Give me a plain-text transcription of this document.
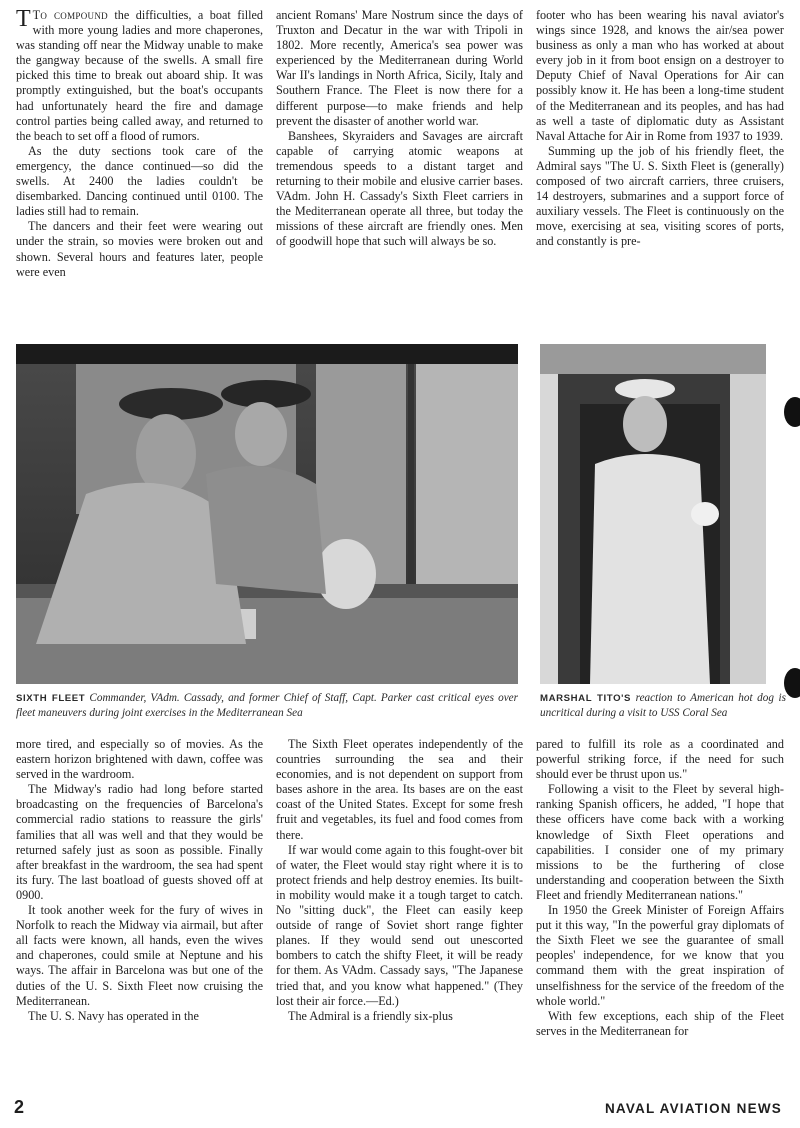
T To compound the difficulties, a boat filled with more young ladies and more chaperones, was standing off near the Midway unable to make the gangway because of the swells. A small fire picked this time to break out aboard ship. It was promptly extinguished, but the boat's occupants had unfortunately heard the fire and damage control parties being called away, and returned to the beach to set off a flood of rumors.

As the duty sections took care of the emergency, the dance continued—so did the swells. At 2400 the ladies couldn't be disembarked. Dancing continued until 0100. The ladies still had to remain.

The dancers and their feet were wearing out under the strain, so movies were broken out and shown. Several hours and features later, people were even

ancient Romans' Mare Nostrum since the days of Truxton and Decatur in the war with Tripoli in 1802. More recently, America's sea power was experienced by the Mediterranean during World War II's landings in North Africa, Sicily, Italy and Southern France. The Fleet is now there for a different purpose—to make friends and help prevent the disaster of another world war.

Banshees, Skyraiders and Savages are aircraft capable of carrying atomic weapons at tremendous speeds to a distant target and returning to their mobile and elusive carrier bases. VAdm. John H. Cassady's Sixth Fleet carriers in the Mediterranean operate all three, but today the missions of these aircraft are friendly ones. Men of goodwill hope that such will always be so.

footer who has been wearing his naval aviator's wings since 1928, and knows the air/sea power business as only a man who has worked at about every job in it from boot ensign on a destroyer to Deputy Chief of Naval Operations for Air can possibly know it. He has been a long-time student of the Mediterranean and its peoples, and has had as well a taste of diplomatic duty as Assistant Naval Attache for Air in Rome from 1937 to 1939.

Summing up the job of his friendly fleet, the Admiral says "The U. S. Sixth Fleet is (generally) composed of two aircraft carriers, three cruisers, 14 destroyers, submarines and a support force of auxiliary vessels. The Fleet is continuously on the move, exercising at sea, visiting scores of ports, and constantly is pre-

SIXTH FLEET Commander, VAdm. Cassady, and former Chief of Staff, Capt. Parker cast critical eyes over fleet maneuvers during joint exercises in the Mediterranean Sea
MARSHAL TITO'S reaction to American hot dog is uncritical during a visit to USS Coral Sea

more tired, and especially so of movies. As the eastern horizon brightened with dawn, coffee was served in the wardroom.

The Midway's radio had long before started broadcasting on the frequencies of Barcelona's commercial radio stations to reassure the girls' families that all was well and that they would be returned safely just as soon as possible. Finally after breakfast in the wardroom, the sea had spent its fury. The last boatload of guests shoved off at 0900.

It took another week for the fury of wives in Norfolk to reach the Midway via airmail, but after all facts were known, all hands, even the wives and chaperones, could smile at Neptune and his ways. The affair in Barcelona was but one of the duties of the U. S. Sixth Fleet now cruising the Mediterranean.

The U. S. Navy has operated in the

The Sixth Fleet operates independently of the countries surrounding the sea and their economies, and is not dependent on support from bases ashore in the area. Its bases are on the east coast of the United States. Except for some fresh fruit and vegetables, its fuel and food comes from there.

If war would come again to this fought-over bit of water, the Fleet would stay right where it is to protect friends and help destroy enemies. Its built-in mobility would make it a tough target to catch. No "sitting duck", the Fleet can easily keep outside of range of Soviet short range fighter planes. If they would send out unescorted bombers to catch the shifty Fleet, it will be ready for them. As VAdm. Cassady says, "The Japanese tried that, and you know what happened." (They lost their air force.—Ed.)

The Admiral is a friendly six-plus

pared to fulfill its role as a coordinated and powerful striking force, if the need for such should ever be thrust upon us."

Following a visit to the Fleet by several high-ranking Spanish officers, he added, "I hope that these officers have come back with a working knowledge of Sixth Fleet operations and capabilities. I consider one of my primary missions to be the furthering of close understanding and cooperation between the Sixth Fleet and friendly Mediterranean nations."

In 1950 the Greek Minister of Foreign Affairs put it this way, "In the powerful gray diplomats of the Sixth Fleet we see the guarantee of small peoples' independence, for we know that you command them with the great inspiration of unselfishness for the service of the freedom of the whole world."

With few exceptions, each ship of the Fleet serves in the Mediterranean for

2	NAVAL AVIATION NEWS
